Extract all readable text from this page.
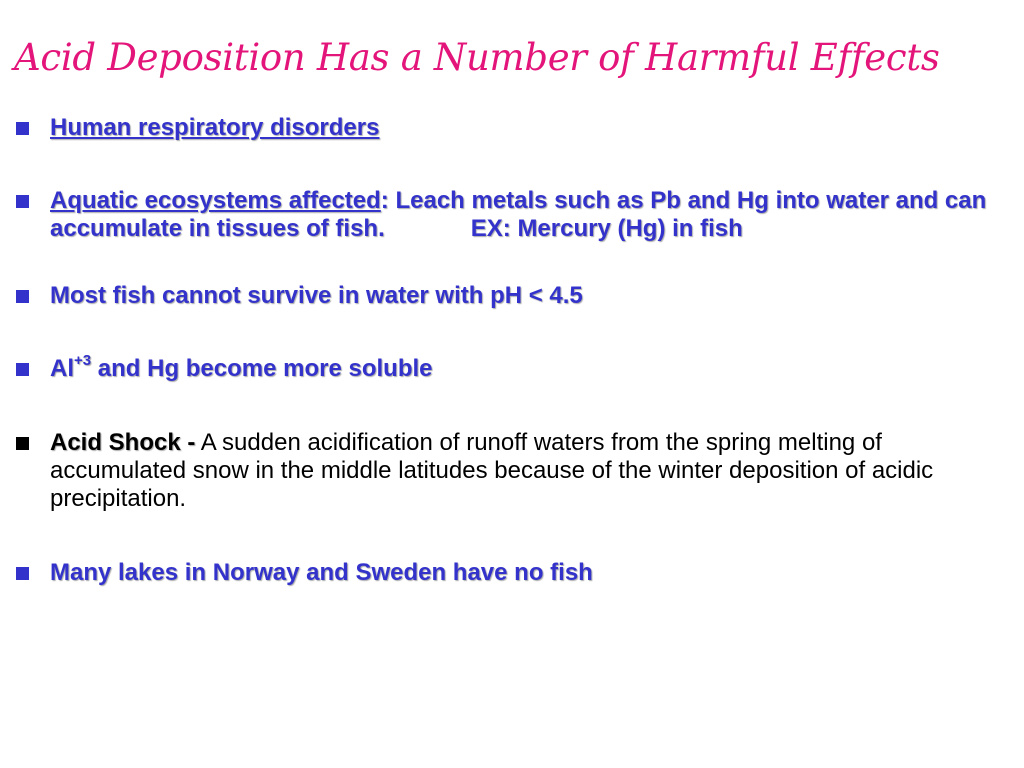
Acid Deposition Has a Number of Harmful Effects
Human respiratory disorders
Aquatic ecosystems affected: Leach metals such as Pb and Hg into water and can accumulate in tissues of fish.	EX: Mercury (Hg) in fish
Most fish cannot survive in water with pH < 4.5
$Al^{+3}$ and Hg become more soluble
Acid Shock - A sudden acidification of runoff waters from the spring melting of accumulated snow in the middle latitudes because of the winter deposition of acidic precipitation.
Many lakes in Norway and Sweden have no fish
